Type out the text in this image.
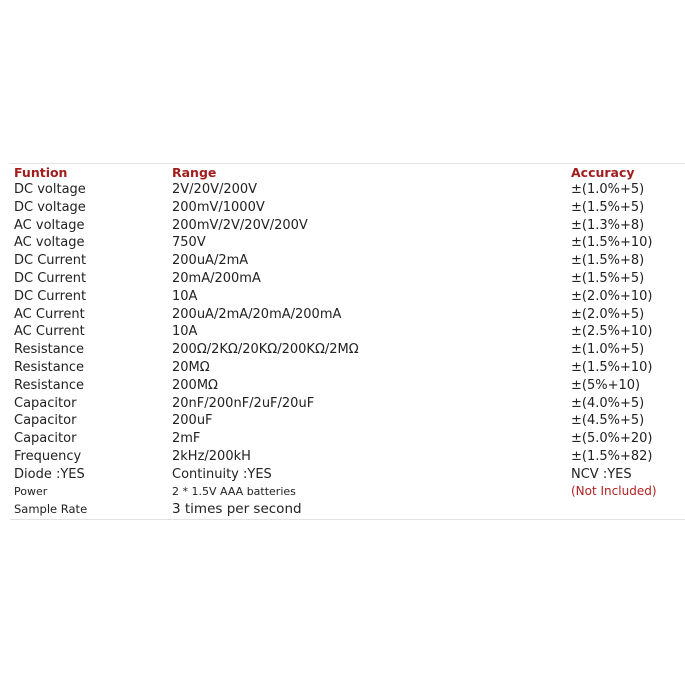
Funtion	Range	Accuracy
DC voltage	2V/20V/200V	±(1.0%+5)
DC voltage	200mV/1000V	±(1.5%+5)
AC voltage	200mV/2V/20V/200V	±(1.3%+8)
AC voltage	750V	±(1.5%+10)
DC Current	200uA/2mA	±(1.5%+8)
DC Current	20mA/200mA	±(1.5%+5)
DC Current	10A	±(2.0%+10)
AC Current	200uA/2mA/20mA/200mA	±(2.0%+5)
AC Current	10A	±(2.5%+10)
Resistance	200Ω/2KΩ/20KΩ/200KΩ/2MΩ	±(1.0%+5)
Resistance	20MΩ	±(1.5%+10)
Resistance	200MΩ	±(5%+10)
Capacitor	20nF/200nF/2uF/20uF	±(4.0%+5)
Capacitor	200uF	±(4.5%+5)
Capacitor	2mF	±(5.0%+20)
Frequency	2kHz/200kH	±(1.5%+82)
Diode :YES	Continuity :YES	NCV :YES
Power	2 * 1.5V AAA batteries	(Not Included)
Sample Rate	3 times per second
